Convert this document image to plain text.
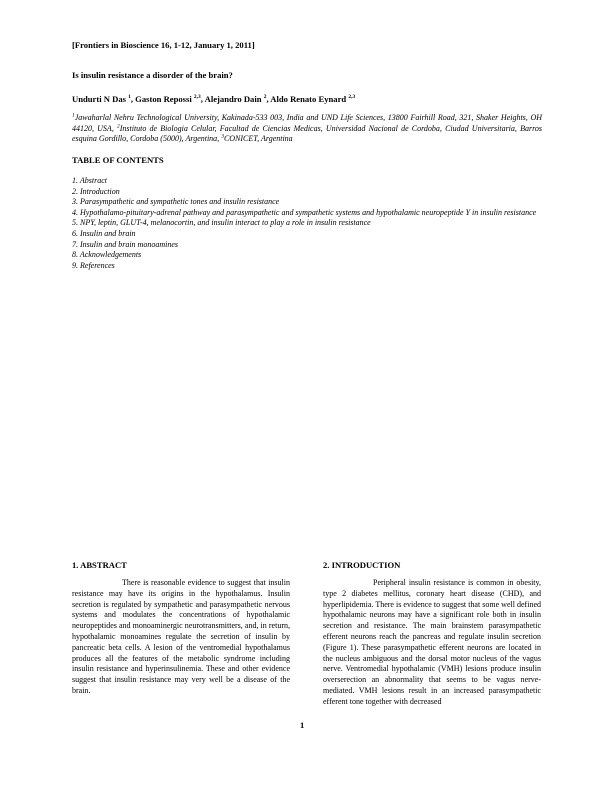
[Frontiers in Bioscience 16, 1-12, January 1, 2011]
Is insulin resistance a disorder of the brain?
Undurti N Das $^1$, Gaston Repossi $^{2,3}$, Alejandro Dain $^2$, Aldo Renato Eynard $^{2,3}$
$^1$Jawaharlal Nehru Technological University, Kakinada-533 003, India and UND Life Sciences, 13800 Fairhill Road, 321, Shaker Heights, OH 44120, USA, $^2$Instituto de Biologia Celular, Facultad de Ciencias Medicas, Universidad Nacional de Cordoba, Ciudad Universitaria, Barros esquina Gordillo, Cordoba (5000), Argentina, $^3$CONICET, Argentina
TABLE OF CONTENTS
1. Abstract
2. Introduction
3. Parasympathetic and sympathetic tones and insulin resistance
4. Hypothalamo-pituitary-adrenal pathway and parasympathetic and sympathetic systems and hypothalamic neuropeptide Y in insulin resistance
5. NPY, leptin, GLUT-4, melanocortin, and insulin interact to play a role in insulin resistance
6. Insulin and brain
7. Insulin and brain monoamines
8. Acknowledgements
9. References
1. ABSTRACT

There is reasonable evidence to suggest that insulin resistance may have its origins in the hypothalamus. Insulin secretion is regulated by sympathetic and parasympathetic nervous systems and modulates the concentrations of hypothalamic neuropeptides and monoaminergic neurotransmitters, and, in return, hypothalamic monoamines regulate the secretion of insulin by pancreatic beta cells. A lesion of the ventromedial hypothalamus produces all the features of the metabolic syndrome including insulin resistance and hyperinsulinemia. These and other evidence suggest that insulin resistance may very well be a disease of the brain.

2. INTRODUCTION

Peripheral insulin resistance is common in obesity, type 2 diabetes mellitus, coronary heart disease (CHD), and hyperlipidemia. There is evidence to suggest that some well defined hypothalamic neurons may have a significant role both in insulin secretion and resistance. The main brainstem parasympathetic efferent neurons reach the pancreas and regulate insulin secretion (Figure 1). These parasympathetic efferent neurons are located in the nucleus ambiguous and the dorsal motor nucleus of the vagus nerve. Ventromedial hypothalamic (VMH) lesions produce insulin overserection an abnormality that seems to be vagus nerve-mediated. VMH lesions result in an increased parasympathetic efferent tone together with decreased

1
